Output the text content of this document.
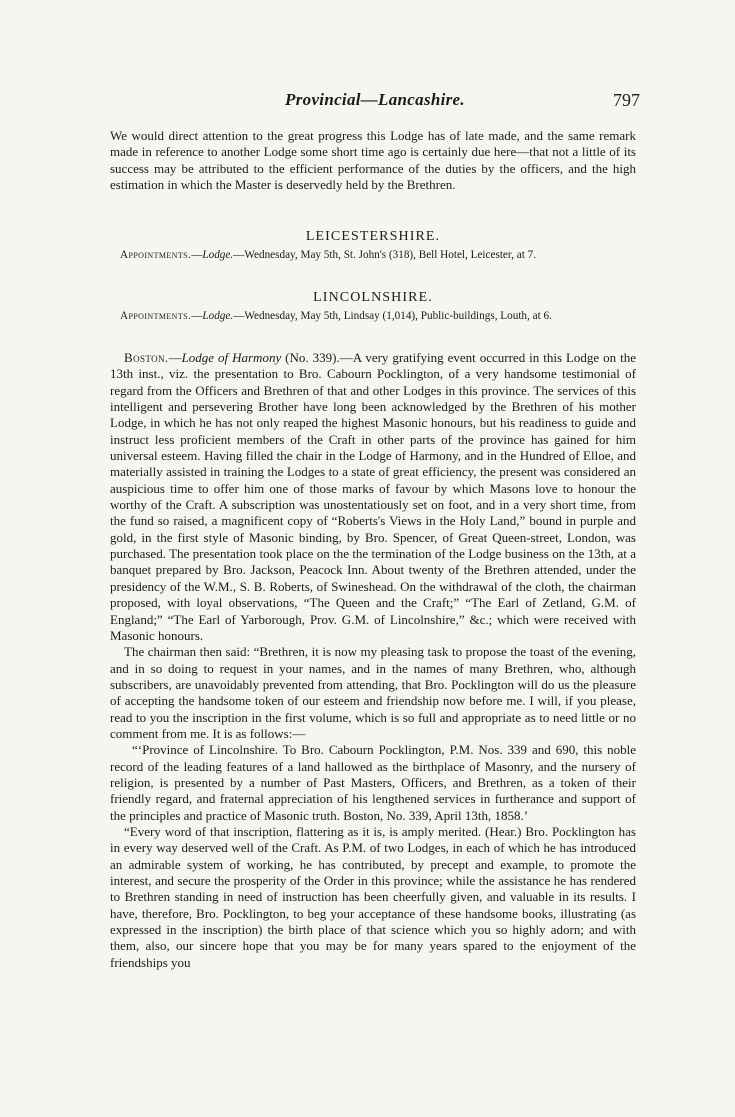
Provincial—Lancashire.	797

We would direct attention to the great progress this Lodge has of late made, and the same remark made in reference to another Lodge some short time ago is certainly due here—that not a little of its success may be attributed to the efficient performance of the duties by the officers, and the high estimation in which the Master is deservedly held by the Brethren.

LEICESTERSHIRE.

Appointments.—Lodge.—Wednesday, May 5th, St. John's (318), Bell Hotel, Leicester, at 7.

LINCOLNSHIRE.

Appointments.—Lodge.—Wednesday, May 5th, Lindsay (1,014), Public-buildings, Louth, at 6.

Boston.—Lodge of Harmony (No. 339).—A very gratifying event occurred in this Lodge on the 13th inst., viz. the presentation to Bro. Cabourn Pocklington, of a very handsome testimonial of regard from the Officers and Brethren of that and other Lodges in this province. The services of this intelligent and persevering Brother have long been acknowledged by the Brethren of his mother Lodge, in which he has not only reaped the highest Masonic honours, but his readiness to guide and instruct less proficient members of the Craft in other parts of the province has gained for him universal esteem. Having filled the chair in the Lodge of Harmony, and in the Hundred of Elloe, and materially assisted in training the Lodges to a state of great efficiency, the present was considered an auspicious time to offer him one of those marks of favour by which Masons love to honour the worthy of the Craft. A subscription was unostentatiously set on foot, and in a very short time, from the fund so raised, a magnificent copy of “Roberts's Views in the Holy Land,” bound in purple and gold, in the first style of Masonic binding, by Bro. Spencer, of Great Queen-street, London, was purchased. The presentation took place on the the termination of the Lodge business on the 13th, at a banquet prepared by Bro. Jackson, Peacock Inn. About twenty of the Brethren attended, under the presidency of the W.M., S. B. Roberts, of Swineshead. On the withdrawal of the cloth, the chairman proposed, with loyal observations, “The Queen and the Craft;” “The Earl of Zetland, G.M. of England;” “The Earl of Yarborough, Prov. G.M. of Lincolnshire,” &c.; which were received with Masonic honours.

The chairman then said: “Brethren, it is now my pleasing task to propose the toast of the evening, and in so doing to request in your names, and in the names of many Brethren, who, although subscribers, are unavoidably prevented from attending, that Bro. Pocklington will do us the pleasure of accepting the handsome token of our esteem and friendship now before me. I will, if you please, read to you the inscription in the first volume, which is so full and appropriate as to need little or no comment from me. It is as follows:—

“‘Province of Lincolnshire. To Bro. Cabourn Pocklington, P.M. Nos. 339 and 690, this noble record of the leading features of a land hallowed as the birthplace of Masonry, and the nursery of religion, is presented by a number of Past Masters, Officers, and Brethren, as a token of their friendly regard, and fraternal appreciation of his lengthened services in furtherance and support of the principles and practice of Masonic truth. Boston, No. 339, April 13th, 1858.’

“Every word of that inscription, flattering as it is, is amply merited. (Hear.) Bro. Pocklington has in every way deserved well of the Craft. As P.M. of two Lodges, in each of which he has introduced an admirable system of working, he has contributed, by precept and example, to promote the interest, and secure the prosperity of the Order in this province; while the assistance he has rendered to Brethren standing in need of instruction has been cheerfully given, and valuable in its results. I have, therefore, Bro. Pocklington, to beg your acceptance of these handsome books, illustrating (as expressed in the inscription) the birth place of that science which you so highly adorn; and with them, also, our sincere hope that you may be for many years spared to the enjoyment of the friendships you
